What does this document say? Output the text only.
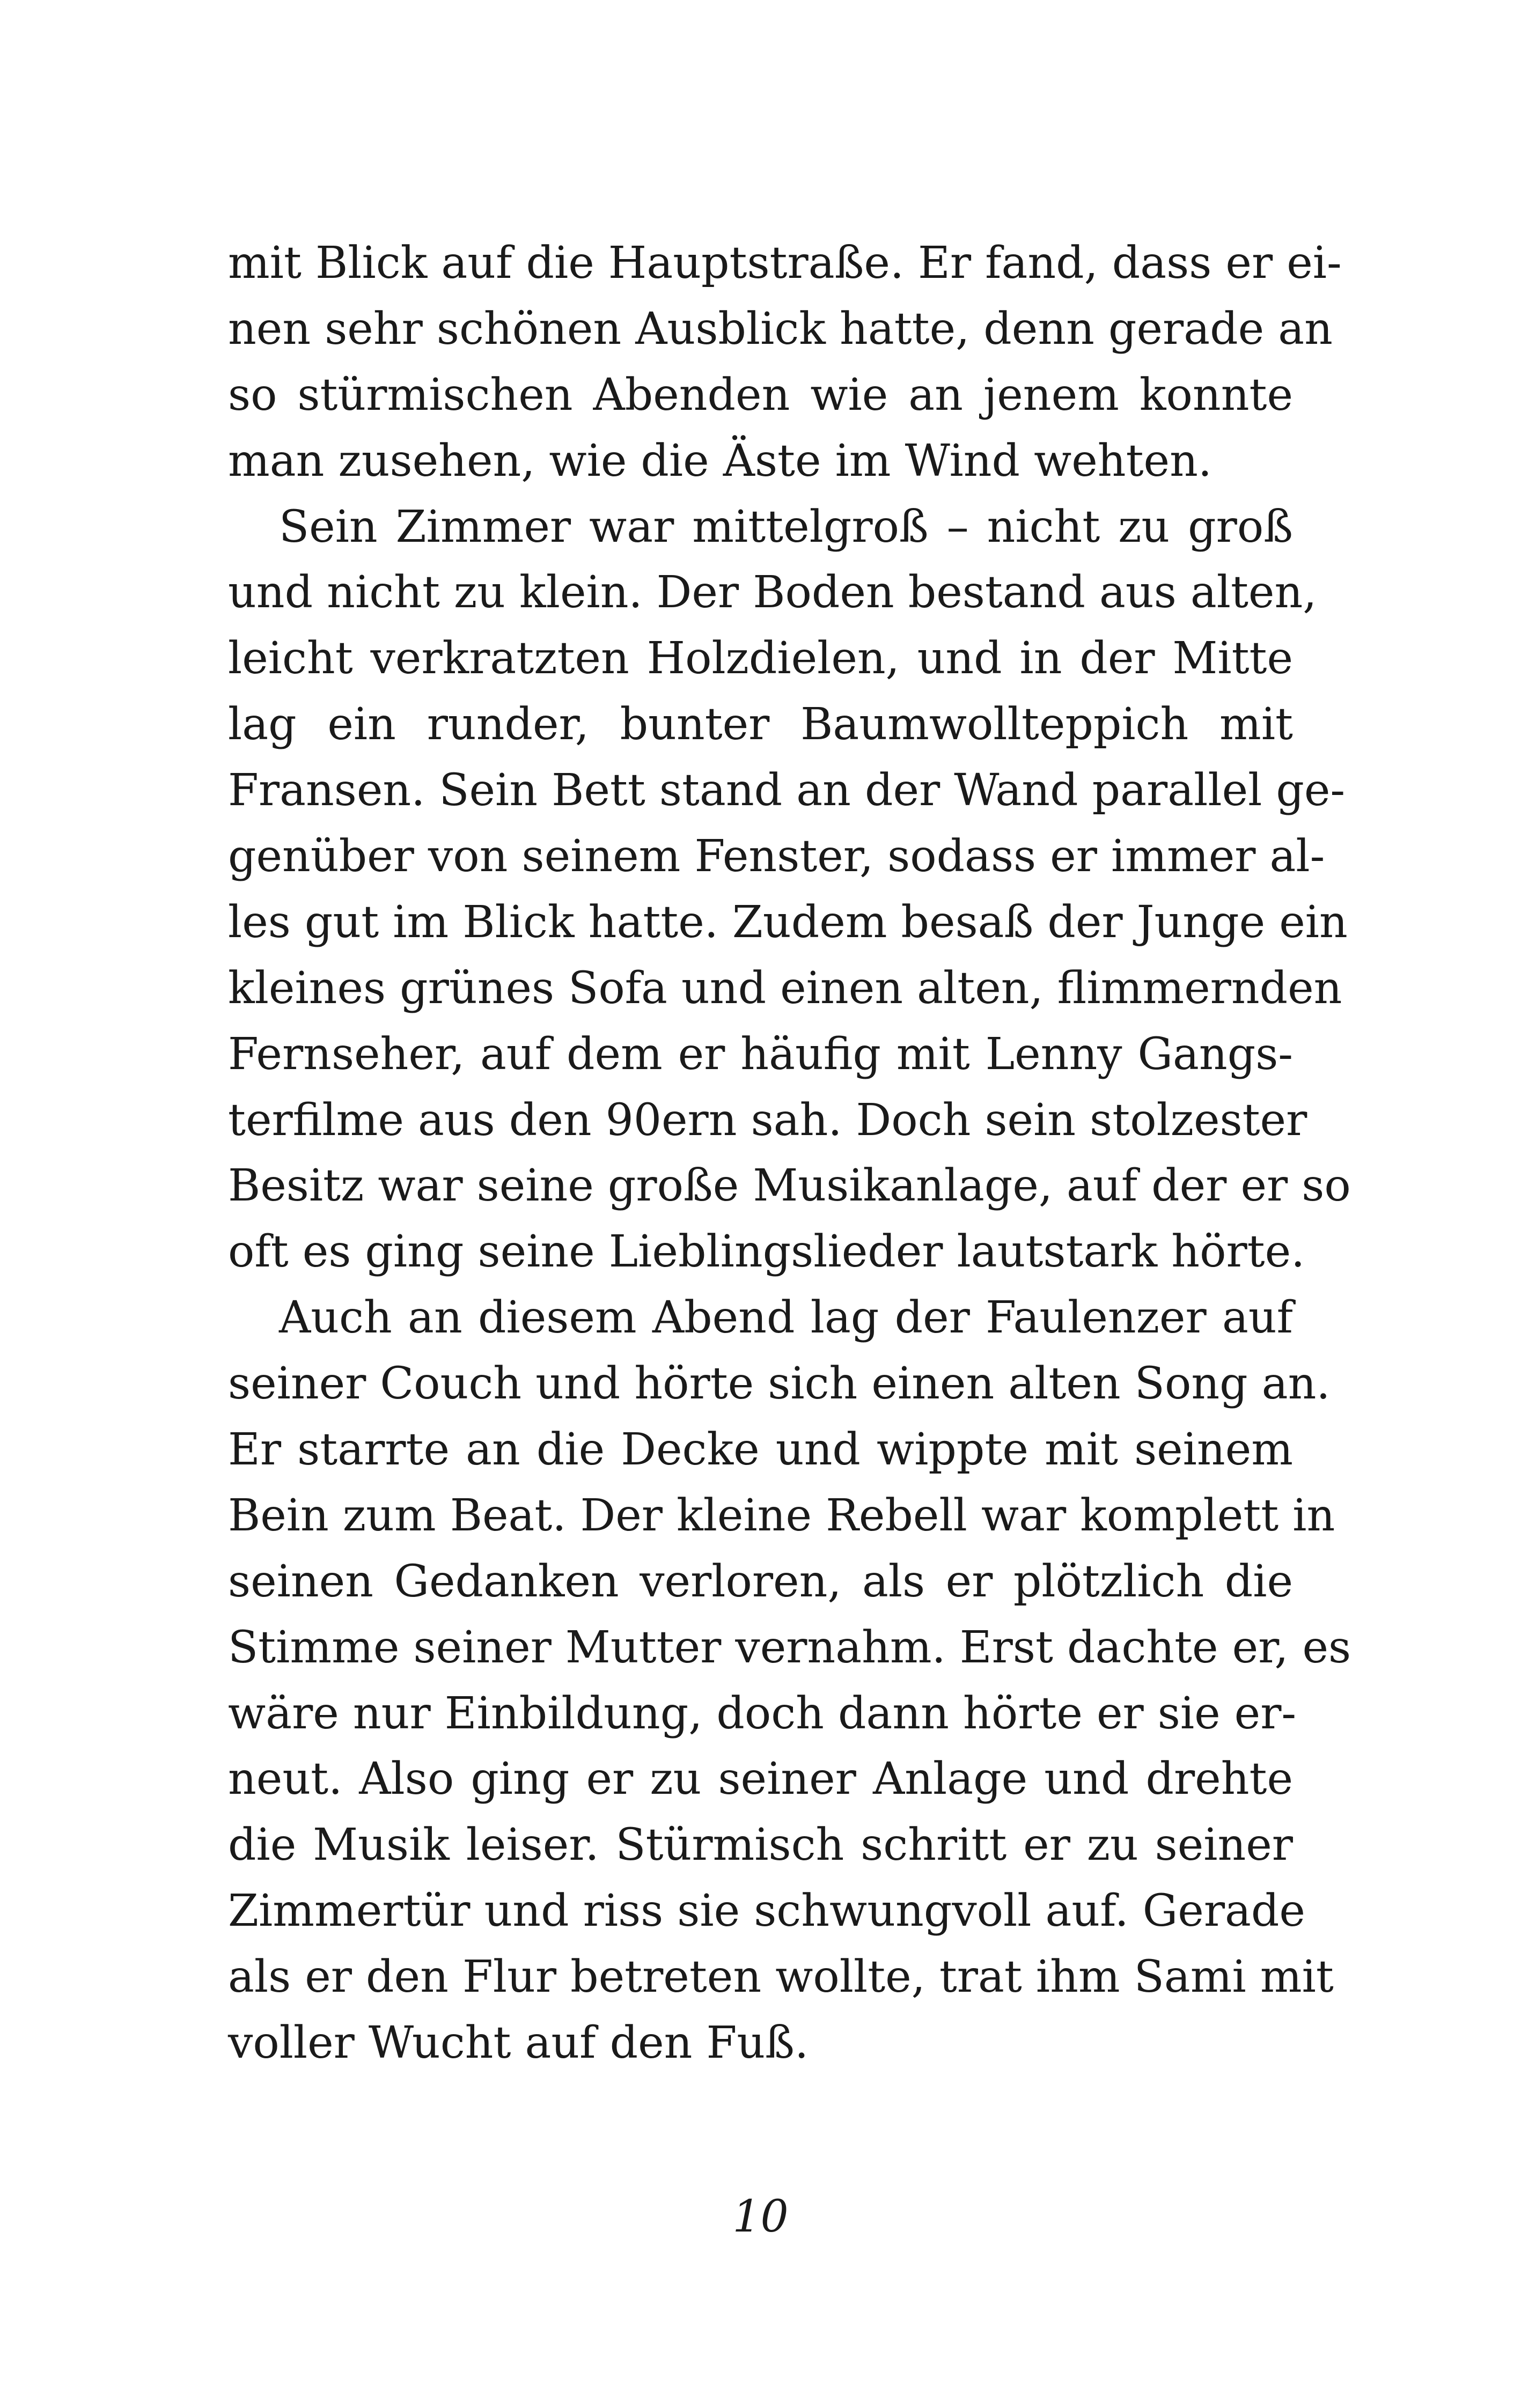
mit Blick auf die Hauptstraße. Er fand, dass er ei-
nen sehr schönen Ausblick hatte, denn gerade an
so stürmischen Abenden wie an jenem konnte
man zusehen, wie die Äste im Wind wehten.
Sein Zimmer war mittelgroß – nicht zu groß
und nicht zu klein. Der Boden bestand aus alten,
leicht verkratzten Holzdielen, und in der Mitte
lag ein runder, bunter Baumwollteppich mit
Fransen. Sein Bett stand an der Wand parallel ge-
genüber von seinem Fenster, sodass er immer al-
les gut im Blick hatte. Zudem besaß der Junge ein
kleines grünes Sofa und einen alten, flimmernden
Fernseher, auf dem er häufig mit Lenny Gangs-
terfilme aus den 90ern sah. Doch sein stolzester
Besitz war seine große Musikanlage, auf der er so
oft es ging seine Lieblingslieder lautstark hörte.
Auch an diesem Abend lag der Faulenzer auf
seiner Couch und hörte sich einen alten Song an.
Er starrte an die Decke und wippte mit seinem
Bein zum Beat. Der kleine Rebell war komplett in
seinen Gedanken verloren, als er plötzlich die
Stimme seiner Mutter vernahm. Erst dachte er, es
wäre nur Einbildung, doch dann hörte er sie er-
neut. Also ging er zu seiner Anlage und drehte
die Musik leiser. Stürmisch schritt er zu seiner
Zimmertür und riss sie schwungvoll auf. Gerade
als er den Flur betreten wollte, trat ihm Sami mit
voller Wucht auf den Fuß.
10
